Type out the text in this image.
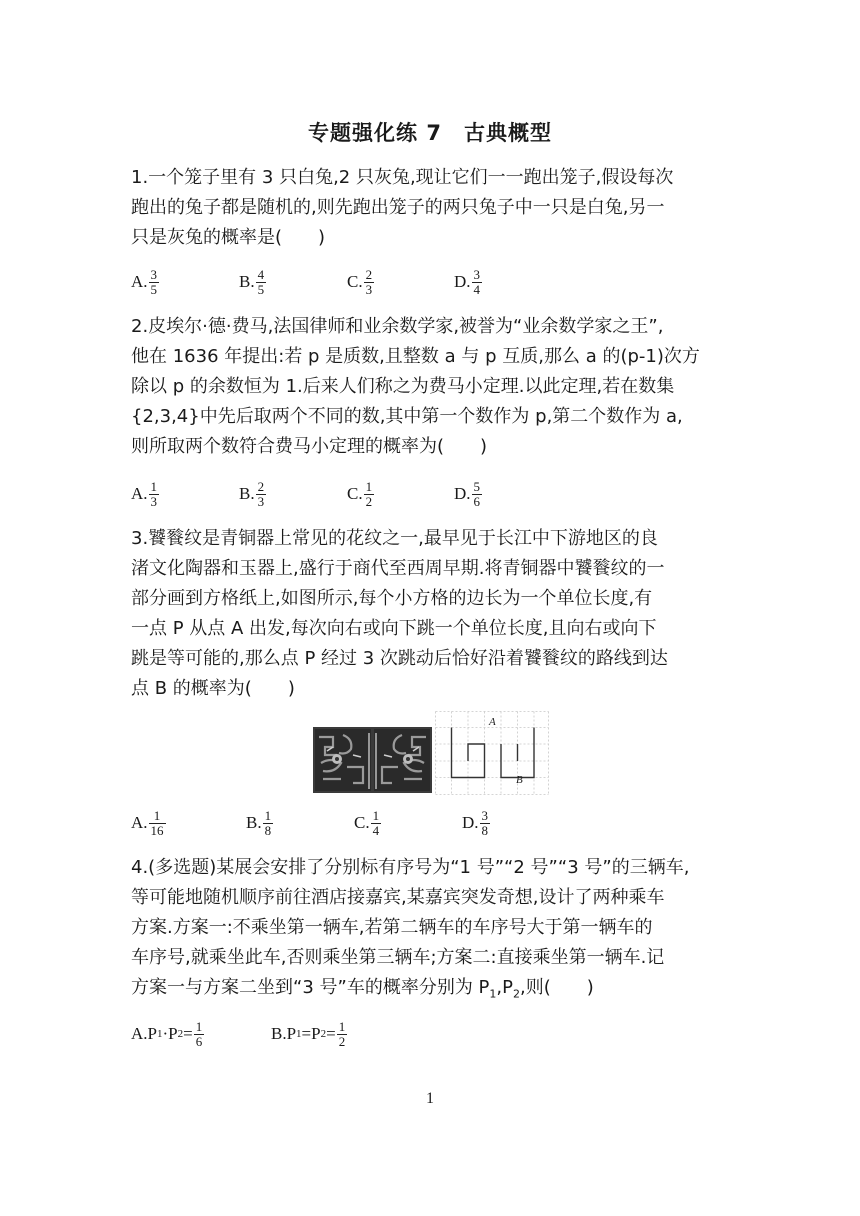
专题强化练 7　古典概型
1.一个笼子里有 3 只白兔,2 只灰兔,现让它们一一跑出笼子,假设每次
跑出的兔子都是随机的,则先跑出笼子的两只兔子中一只是白兔,另一
只是灰兔的概率是(　　)
A. $\frac{3}{5}$	B. $\frac{4}{5}$	C. $\frac{2}{3}$	D. $\frac{3}{4}$
2.皮埃尔·德·费马,法国律师和业余数学家,被誉为“业余数学家之王”,
他在 1636 年提出:若 p 是质数,且整数 a 与 p 互质,那么 a 的(p-1)次方
除以 p 的余数恒为 1.后来人们称之为费马小定理.以此定理,若在数集
{2,3,4}中先后取两个不同的数,其中第一个数作为 p,第二个数作为 a,
则所取两个数符合费马小定理的概率为(　　)
A. $\frac{1}{3}$	B. $\frac{2}{3}$	C. $\frac{1}{2}$	D. $\frac{5}{6}$
3.饕餮纹是青铜器上常见的花纹之一,最早见于长江中下游地区的良
渚文化陶器和玉器上,盛行于商代至西周早期.将青铜器中饕餮纹的一
部分画到方格纸上,如图所示,每个小方格的边长为一个单位长度,有
一点 P 从点 A 出发,每次向右或向下跳一个单位长度,且向右或向下
跳是等可能的,那么点 P 经过 3 次跳动后恰好沿着饕餮纹的路线到达
点 B 的概率为(　　)
A
B
A. $\frac{1}{16}$	B. $\frac{1}{8}$	C. $\frac{1}{4}$	D. $\frac{3}{8}$
4.(多选题)某展会安排了分别标有序号为“1 号”“2 号”“3 号”的三辆车,
等可能地随机顺序前往酒店接嘉宾,某嘉宾突发奇想,设计了两种乘车
方案.方案一:不乘坐第一辆车,若第二辆车的车序号大于第一辆车的
车序号,就乘坐此车,否则乘坐第三辆车;方案二:直接乘坐第一辆车.记
方案一与方案二坐到“3 号”车的概率分别为 $P_1,P_2$,则(　　)
A.P 1 ·P $2 = \frac{1}{6}$	B.P 1 =P $2 = \frac{1}{2}$
1
